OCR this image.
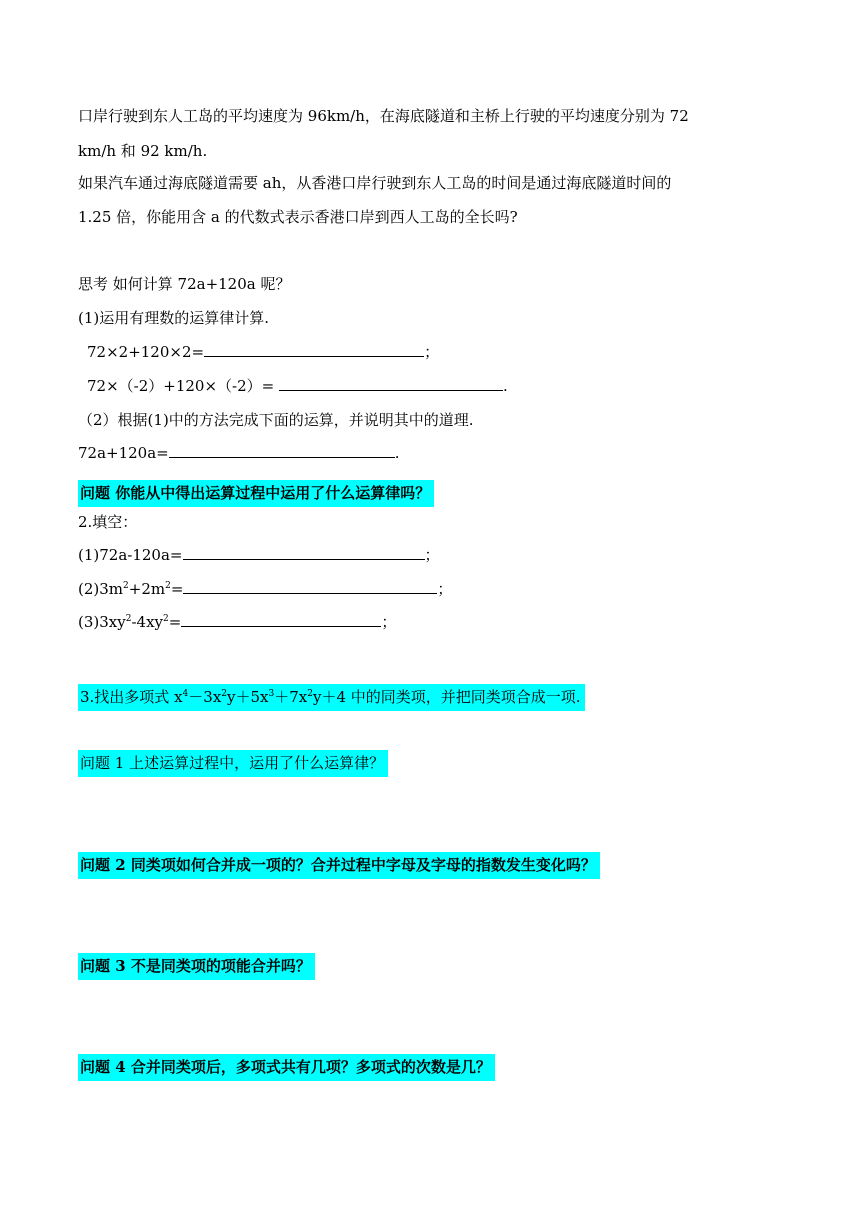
口岸行驶到东人工岛的平均速度为 96km/h，在海底隧道和主桥上行驶的平均速度分别为 72
km/h 和 92 km/h.
如果汽车通过海底隧道需要 ah，从香港口岸行驶到东人工岛的时间是通过海底隧道时间的
1.25 倍，你能用含 a 的代数式表示香港口岸到西人工岛的全长吗?
思考 如何计算 72a+120a 呢？
(1)运用有理数的运算律计算.
72×2+120×2=	；
72×（-2）+120×（-2）=	.
（2）根据(1)中的方法完成下面的运算，并说明其中的道理.
72a+120a=	.
问题 你能从中得出运算过程中运用了什么运算律吗？
2.填空：
(1)72a-120a=	；
$(2)3m^2+2m^2=$	；
$(3)3xy^2-4xy^2=$	；
3.找出多项式 $x^4-3x^2y+5x^3+7x^2y+4$ 中的同类项，并把同类项合成一项.
问题 1 上述运算过程中，运用了什么运算律？
问题 2 同类项如何合并成一项的？合并过程中字母及字母的指数发生变化吗？
问题 3 不是同类项的项能合并吗？
问题 4 合并同类项后，多项式共有几项？多项式的次数是几？
